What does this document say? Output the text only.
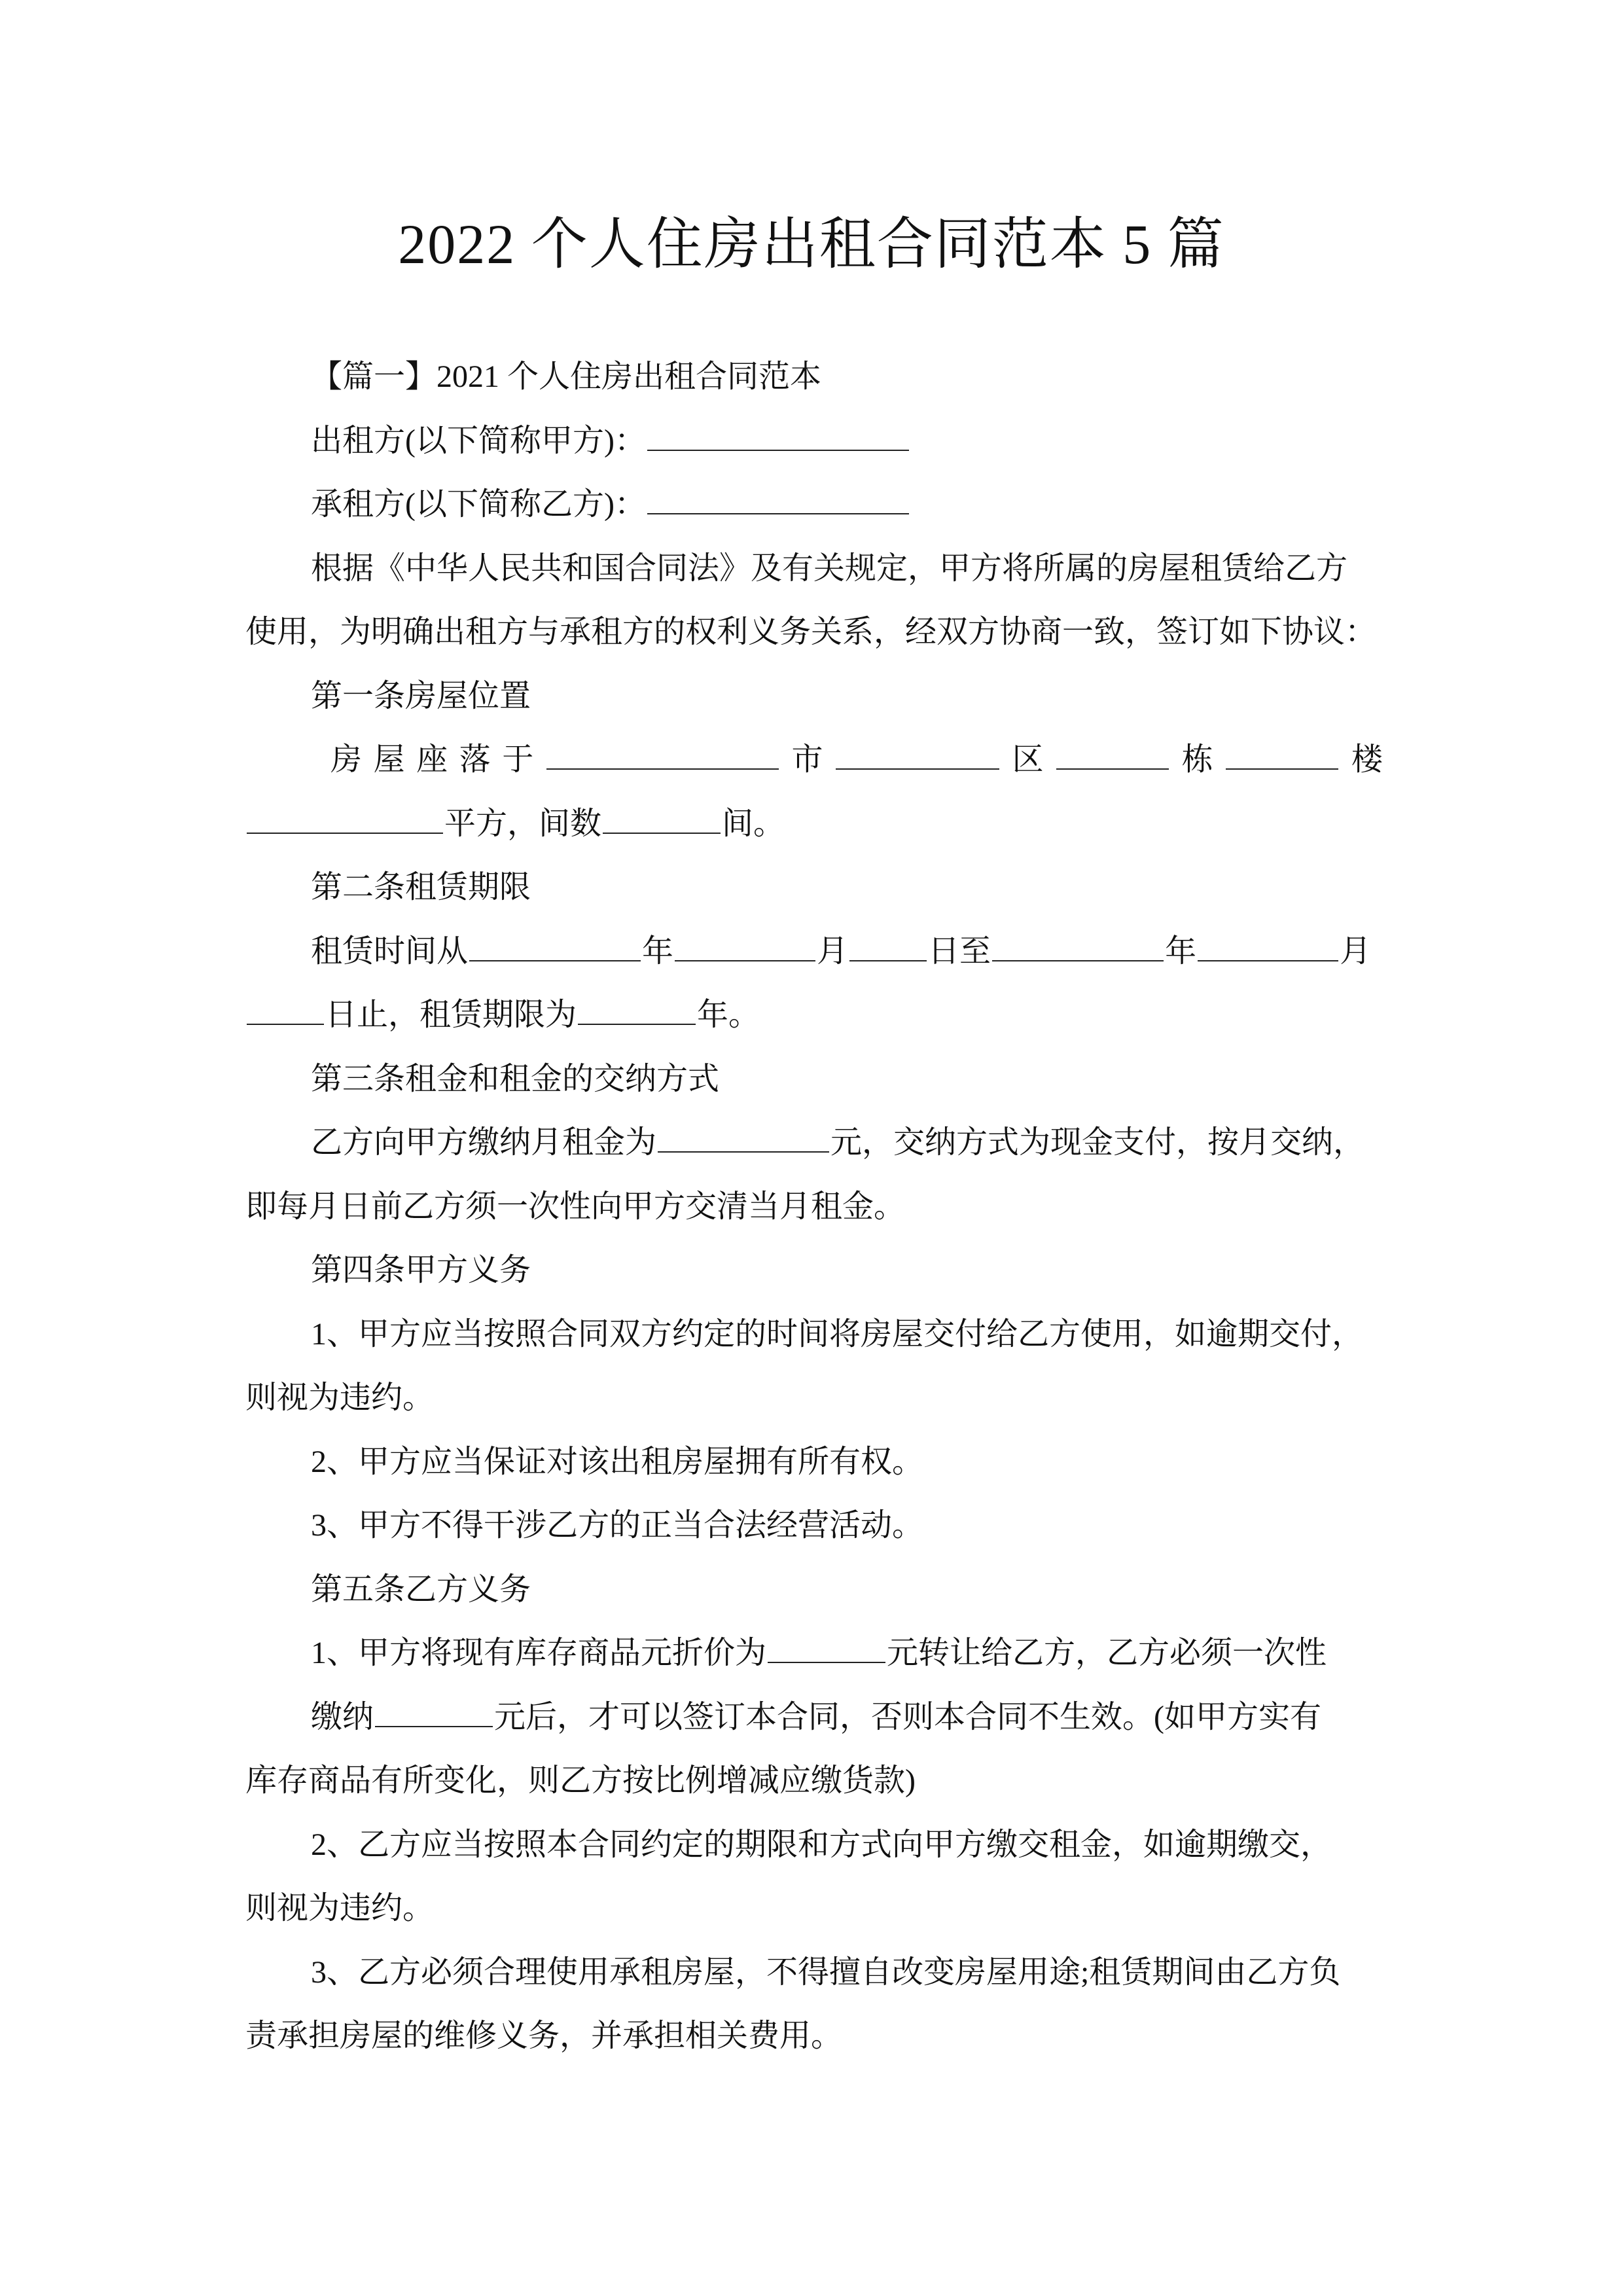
2022 个人住房出租合同范本 5 篇
【篇一】2021 个人住房出租合同范本
出租方(以下简称甲方)：
承租方(以下简称乙方)：
根据《中华人民共和国合同法》及有关规定，甲方将所属的房屋租赁给乙方
使用，为明确出租方与承租方的权利义务关系，经双方协商一致，签订如下协议：
第一条房屋位置
房 屋 座 落 于	市	区	栋	楼
平方，间数	间。
第二条租赁期限
租赁时间从	年	月	日至	年	月
日止，租赁期限为	年。
第三条租金和租金的交纳方式
乙方向甲方缴纳月租金为	元，交纳方式为现金支付，按月交纳，
即每月日前乙方须一次性向甲方交清当月租金。
第四条甲方义务
1、甲方应当按照合同双方约定的时间将房屋交付给乙方使用，如逾期交付，
则视为违约。
2、甲方应当保证对该出租房屋拥有所有权。
3、甲方不得干涉乙方的正当合法经营活动。
第五条乙方义务
1、甲方将现有库存商品元折价为	元转让给乙方，乙方必须一次性
缴纳	元后，才可以签订本合同，否则本合同不生效。(如甲方实有
库存商品有所变化，则乙方按比例增减应缴货款)
2、乙方应当按照本合同约定的期限和方式向甲方缴交租金，如逾期缴交，
则视为违约。
3、乙方必须合理使用承租房屋，不得擅自改变房屋用途;租赁期间由乙方负
责承担房屋的维修义务，并承担相关费用。
